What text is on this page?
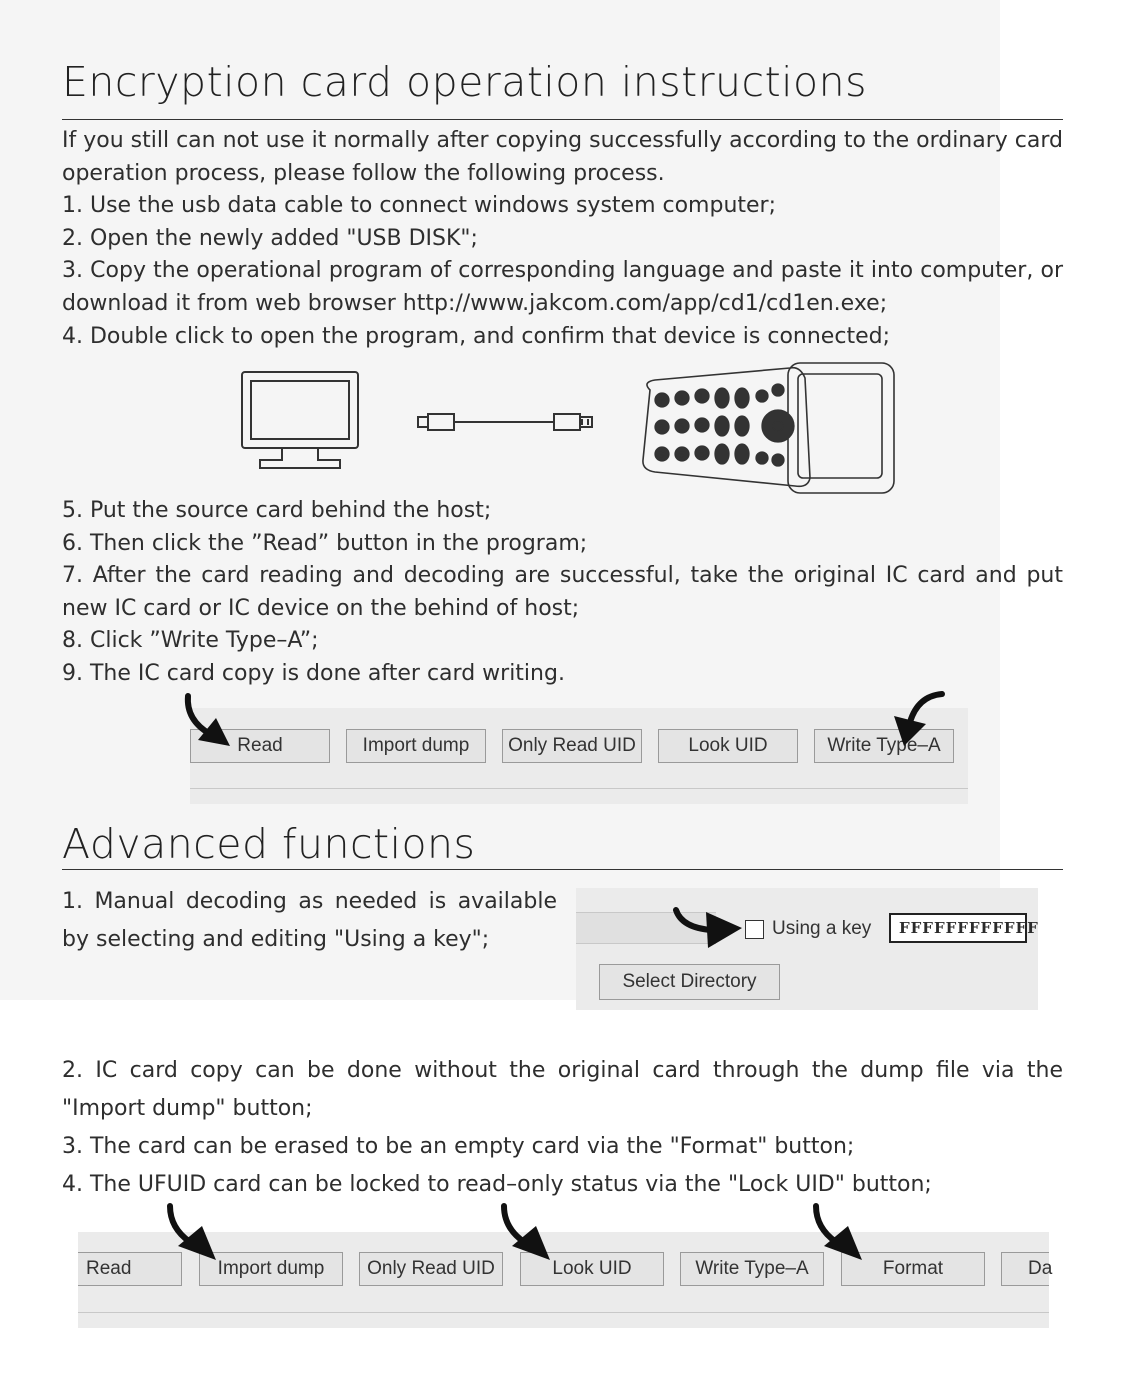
Encryption card operation instructions

If you still can not use it normally after copying successfully according to the ordinary card operation process, please follow the following process.

1. Use the usb data cable to connect windows system computer;

2. Open the newly added "USB DISK";

3. Copy the operational program of corresponding language and paste it into computer, or download it from web browser http://www.jakcom.com/app/cd1/cd1en.exe;

4. Double click to open the program, and confirm that device is connected;

7 4 1
8 5 2
9 6 3

5. Put the source card behind the host;

6. Then click the ”Read” button in the program;

7. After the card reading and decoding are successful, take the original IC card and put new IC card or IC device on the behind of host;

8. Click ”Write Type–A”;

9. The IC card copy is done after card writing.

Read	Import dump	Only Read UID	Look UID	Write Type–A
Advanced functions
1. Manual decoding as needed is available by selecting and editing "Using a key";	Using a key	FFFFFFFFFFFF
Select Directory

2. IC card copy can be done without the original card through the dump file via the "Import dump" button;

3. The card can be erased to be an empty card via the "Format" button;

4. The UFUID card can be locked to read–only status via the "Lock UID" button;

Read	Import dump	Only Read UID	Look UID	Write Type–A	Format	Da
